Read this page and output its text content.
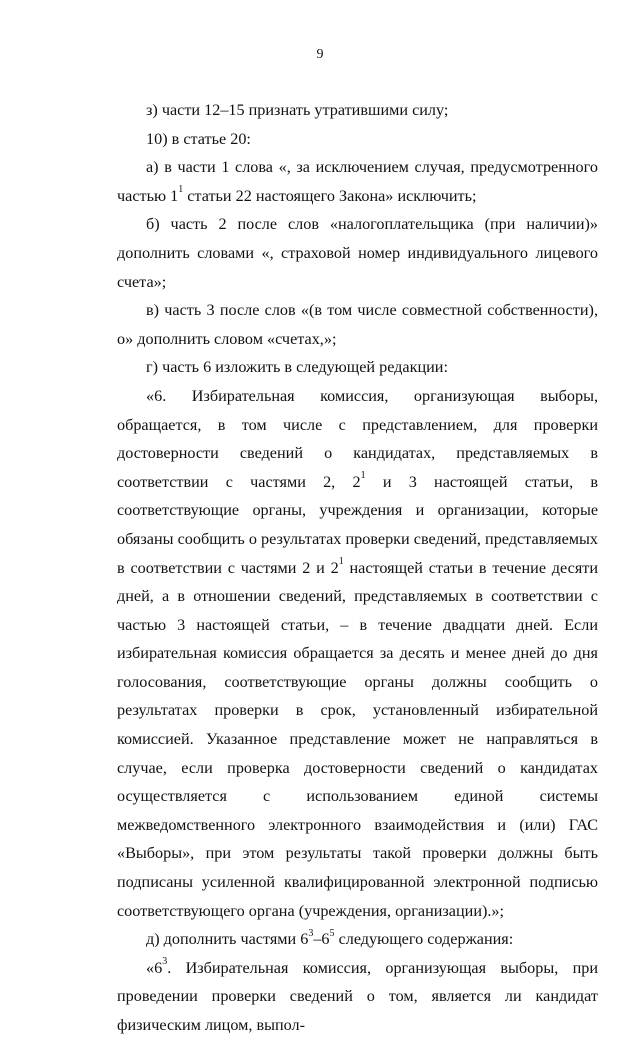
9

з) части 12–15 признать утратившими силу;

10) в статье 20:

а) в части 1 слова «, за исключением случая, предусмотренного частью $1^1$ статьи 22 настоящего Закона» исключить;

б) часть 2 после слов «налогоплательщика (при наличии)» дополнить словами «, страховой номер индивидуального лицевого счета»;

в) часть 3 после слов «(в том числе совместной собственности), о» дополнить словом «счетах,»;

г) часть 6 изложить в следующей редакции:

«6. Избирательная комиссия, организующая выборы, обращается, в том числе с представлением, для проверки достоверности сведений о кандидатах, представляемых в соответствии с частями 2, $2^1$ и 3 настоящей статьи, в соответствующие органы, учреждения и организации, которые обязаны сообщить о результатах проверки сведений, представляемых в соответствии с частями 2 и $2^1$ настоящей статьи в течение десяти дней, а в отношении сведений, представляемых в соответствии с частью 3 настоящей статьи, – в течение двадцати дней. Если избирательная комиссия обращается за десять и менее дней до дня голосования, соответствующие органы должны сообщить о результатах проверки в срок, установленный избирательной комиссией. Указанное представление может не направляться в случае, если проверка достоверности сведений о кандидатах осуществляется с использованием единой системы межведомственного электронного взаимодействия и (или) ГАС «Выборы», при этом результаты такой проверки должны быть подписаны усиленной квалифицированной электронной подписью соответствующего органа (учреждения, организации).»;

д) дополнить частями $6^3-6^5$ следующего содержания:

«$6^3$. Избирательная комиссия, организующая выборы, при проведении проверки сведений о том, является ли кандидат физическим лицом, выпол-
